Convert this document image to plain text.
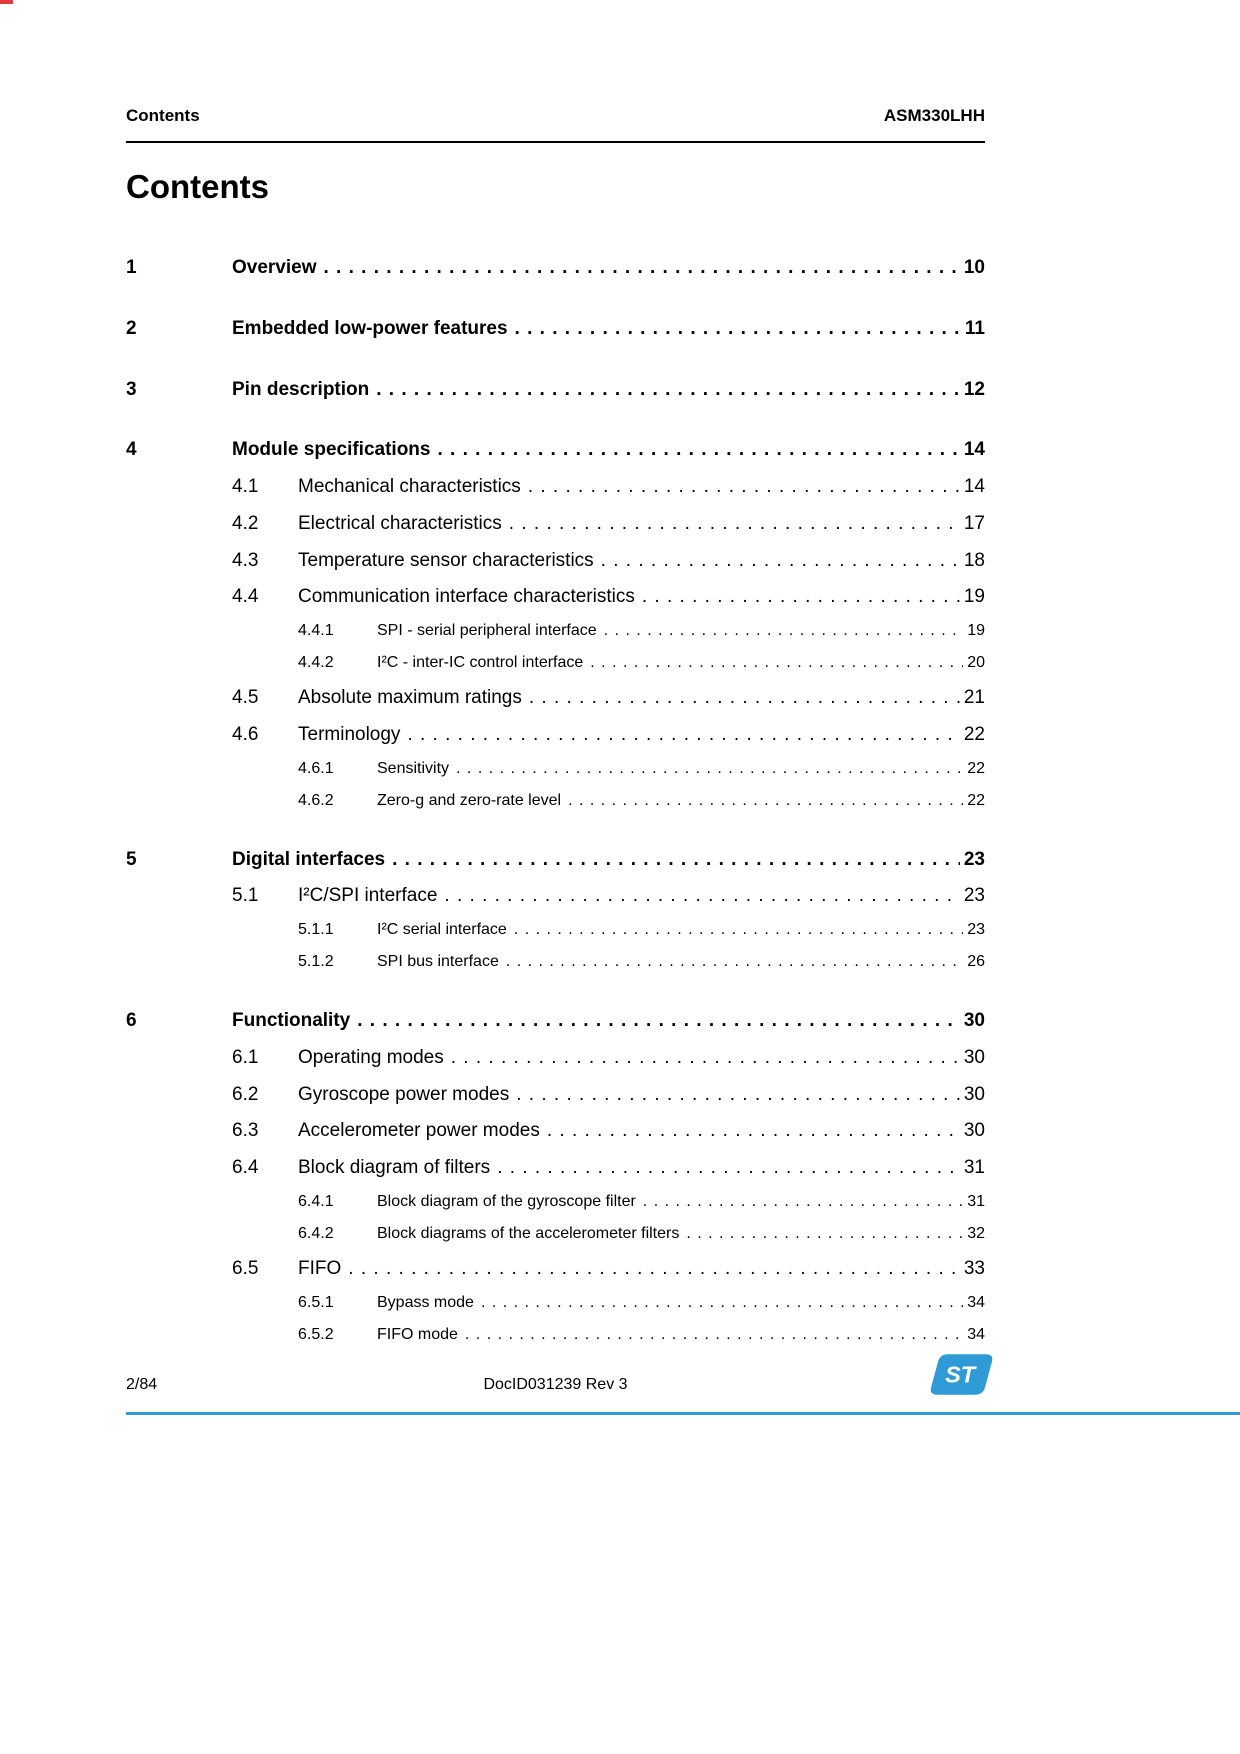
Contents	ASM330LHH
Contents
1	Overview . . .	10
2	Embedded low-power features . . .	11
3	Pin description . . .	12
4	Module specifications . . .	14
4.1	Mechanical characteristics . . .	14
4.2	Electrical characteristics . . .	17
4.3	Temperature sensor characteristics . . .	18
4.4	Communication interface characteristics . . .	19
4.4.1	SPI - serial peripheral interface . . .	19
4.4.2	I²C - inter-IC control interface . . .	20
4.5	Absolute maximum ratings . . .	21
4.6	Terminology . . .	22
4.6.1	Sensitivity . . .	22
4.6.2	Zero-g and zero-rate level . . .	22
5	Digital interfaces . . .	23
5.1	I²C/SPI interface . . .	23
5.1.1	I²C serial interface . . .	23
5.1.2	SPI bus interface . . .	26
6	Functionality . . .	30
6.1	Operating modes . . .	30
6.2	Gyroscope power modes . . .	30
6.3	Accelerometer power modes . . .	30
6.4	Block diagram of filters . . .	31
6.4.1	Block diagram of the gyroscope filter . . .	31
6.4.2	Block diagrams of the accelerometer filters . . .	32
6.5	FIFO . . .	33
6.5.1	Bypass mode . . .	34
6.5.2	FIFO mode . . .	34
2/84	DocID031239 Rev 3	ST
